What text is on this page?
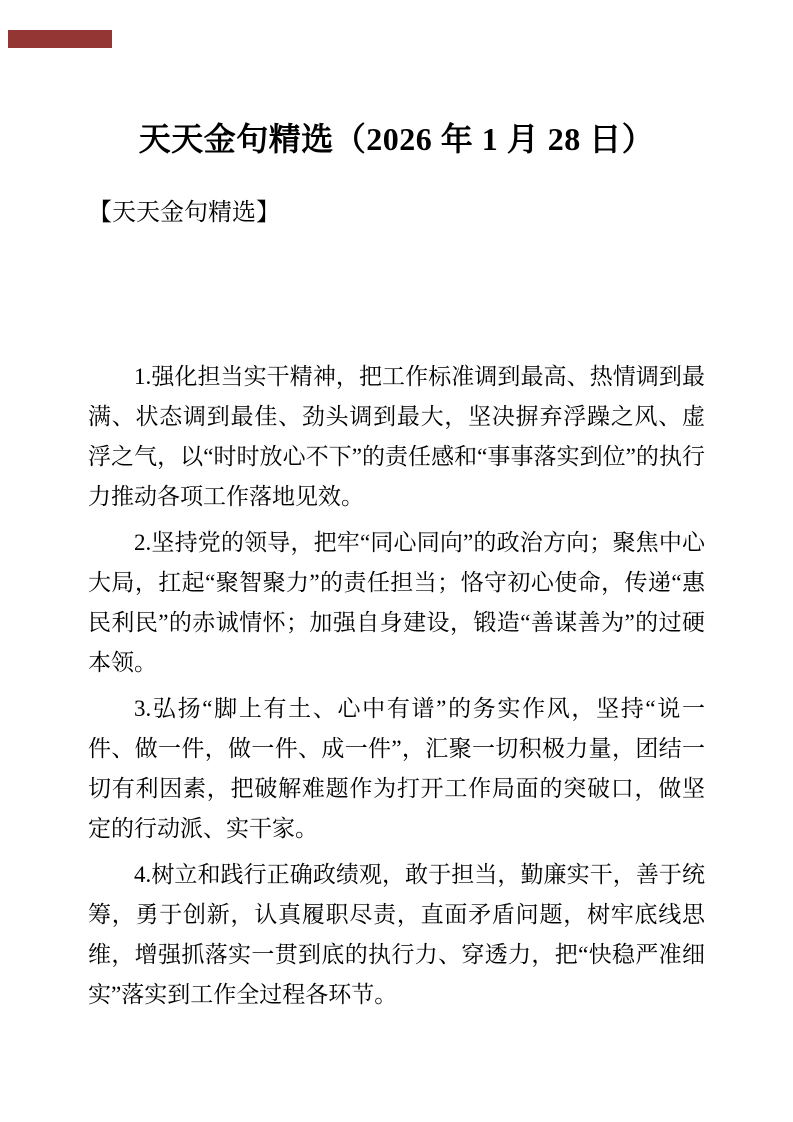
天天金句精选（2026 年 1 月 28 日）

【天天金句精选】

1.强化担当实干精神，把工作标准调到最高、热情调到最满、状态调到最佳、劲头调到最大，坚决摒弃浮躁之风、虚浮之气，以“时时放心不下”的责任感和“事事落实到位”的执行力推动各项工作落地见效。

2.坚持党的领导，把牢“同心同向”的政治方向；聚焦中心大局，扛起“聚智聚力”的责任担当；恪守初心使命，传递“惠民利民”的赤诚情怀；加强自身建设，锻造“善谋善为”的过硬本领。

3.弘扬“脚上有土、心中有谱”的务实作风，坚持“说一件、做一件，做一件、成一件”，汇聚一切积极力量，团结一切有利因素，把破解难题作为打开工作局面的突破口，做坚定的行动派、实干家。

4.树立和践行正确政绩观，敢于担当，勤廉实干，善于统筹，勇于创新，认真履职尽责，直面矛盾问题，树牢底线思维，增强抓落实一贯到底的执行力、穿透力，把“快稳严准细实”落实到工作全过程各环节。
